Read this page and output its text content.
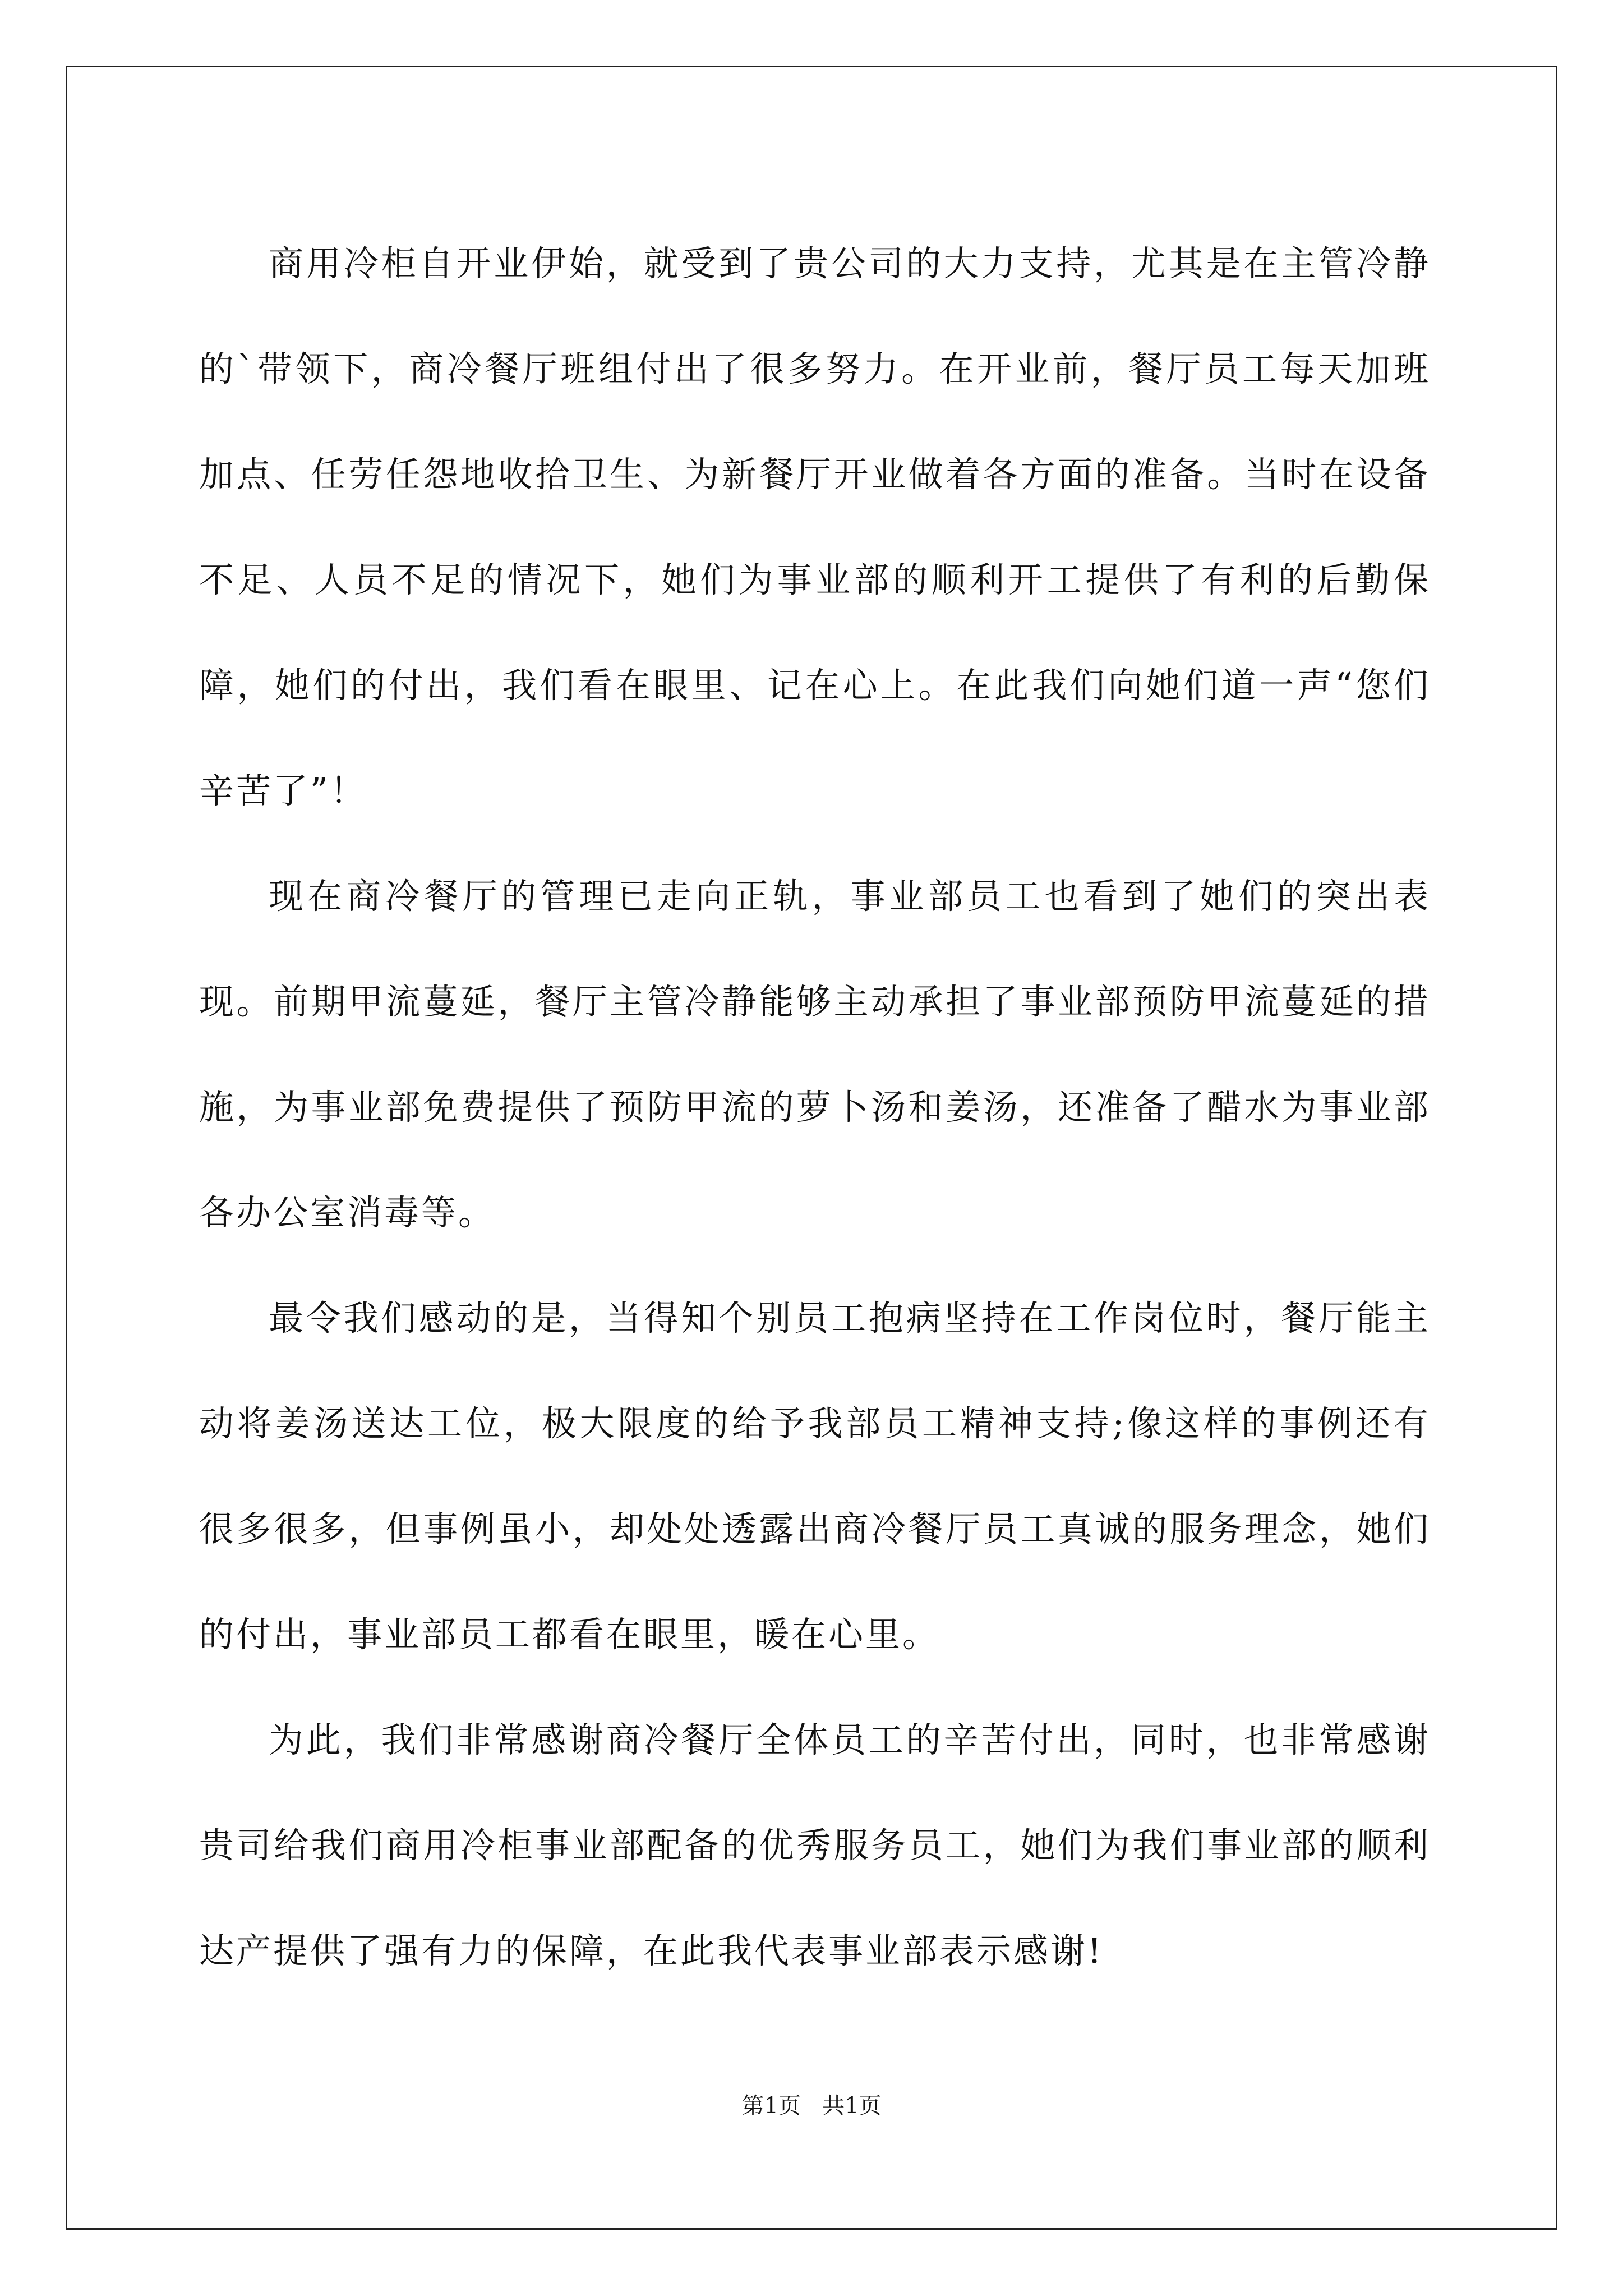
商用冷柜自开业伊始，就受到了贵公司的大力支持，尤其是在主管冷静的`带领下，商冷餐厅班组付出了很多努力。在开业前，餐厅员工每天加班加点、任劳任怨地收拾卫生、为新餐厅开业做着各方面的准备。当时在设备不足、人员不足的情况下，她们为事业部的顺利开工提供了有利的后勤保障，她们的付出，我们看在眼里、记在心上。在此我们向她们道一声“您们辛苦了”！

现在商冷餐厅的管理已走向正轨，事业部员工也看到了她们的突出表现。前期甲流蔓延，餐厅主管冷静能够主动承担了事业部预防甲流蔓延的措施，为事业部免费提供了预防甲流的萝卜汤和姜汤，还准备了醋水为事业部各办公室消毒等。

最令我们感动的是，当得知个别员工抱病坚持在工作岗位时，餐厅能主动将姜汤送达工位，极大限度的给予我部员工精神支持;像这样的事例还有很多很多，但事例虽小，却处处透露出商冷餐厅员工真诚的服务理念，她们的付出，事业部员工都看在眼里，暖在心里。

为此，我们非常感谢商冷餐厅全体员工的辛苦付出，同时，也非常感谢贵司给我们商用冷柜事业部配备的优秀服务员工，她们为我们事业部的顺利达产提供了强有力的保障，在此我代表事业部表示感谢!

第1页 共1页
